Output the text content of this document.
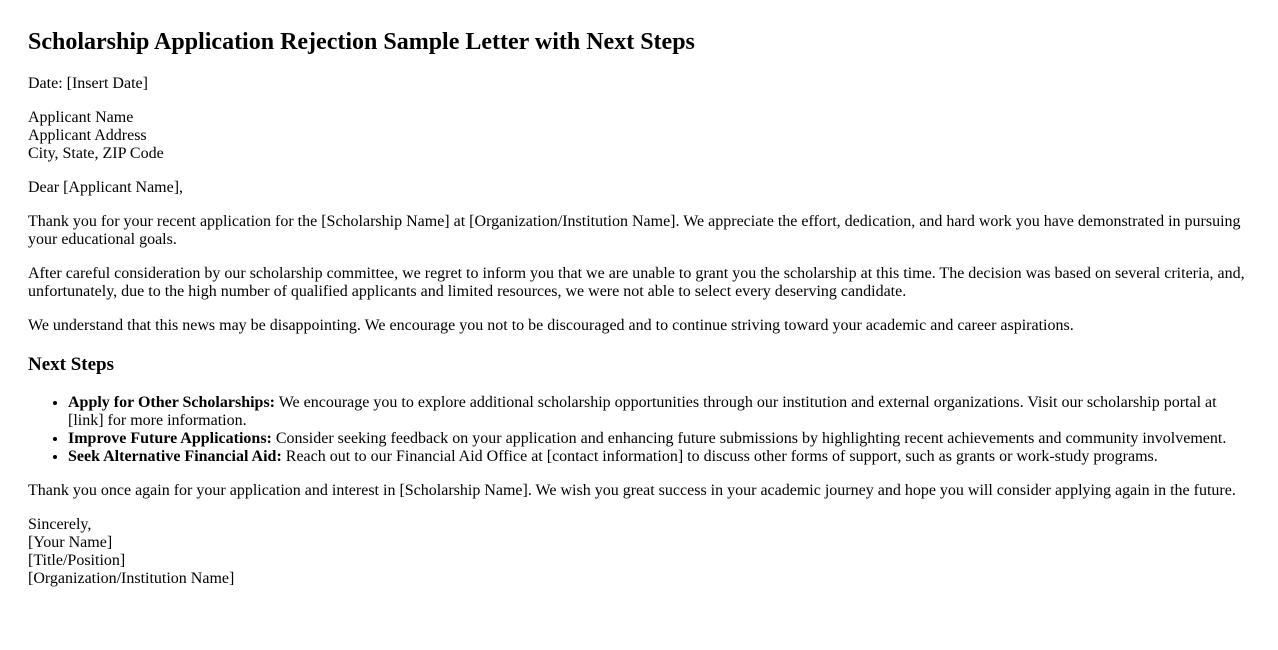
Scholarship Application Rejection Sample Letter with Next Steps

Date: [Insert Date]

Applicant Name
Applicant Address
City, State, ZIP Code

Dear [Applicant Name],

Thank you for your recent application for the [Scholarship Name] at [Organization/Institution Name]. We appreciate the effort, dedication, and hard work you have demonstrated in pursuing your educational goals.

After careful consideration by our scholarship committee, we regret to inform you that we are unable to grant you the scholarship at this time. The decision was based on several criteria, and, unfortunately, due to the high number of qualified applicants and limited resources, we were not able to select every deserving candidate.

We understand that this news may be disappointing. We encourage you not to be discouraged and to continue striving toward your academic and career aspirations.

Next Steps
• Apply for Other Scholarships: We encourage you to explore additional scholarship opportunities through our institution and external organizations. Visit our scholarship portal at [link] for more information.
• Improve Future Applications: Consider seeking feedback on your application and enhancing future submissions by highlighting recent achievements and community involvement.
• Seek Alternative Financial Aid: Reach out to our Financial Aid Office at [contact information] to discuss other forms of support, such as grants or work-study programs.

Thank you once again for your application and interest in [Scholarship Name]. We wish you great success in your academic journey and hope you will consider applying again in the future.

Sincerely,
[Your Name]
[Title/Position]
[Organization/Institution Name]
